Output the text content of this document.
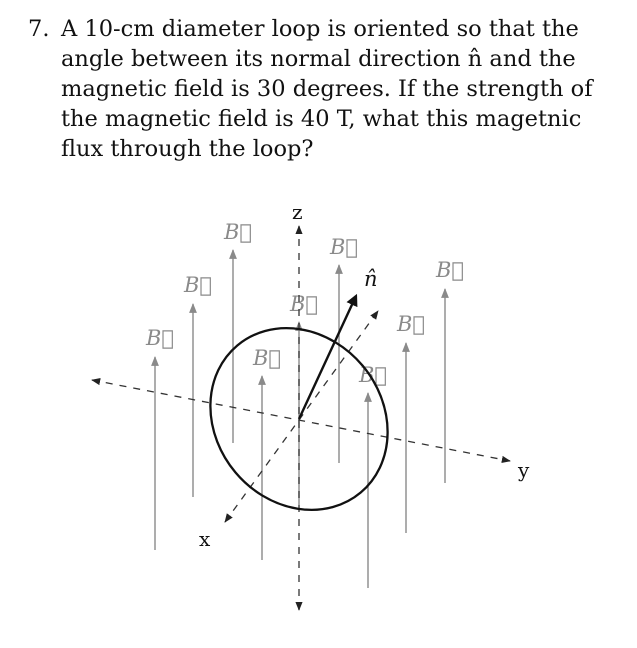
7. A 10-cm diameter loop is oriented so that the
angle between its normal direction n̂ and the
magnetic field is 30 degrees. If the strength of
the magnetic field is 40 T, what this magetnic
flux through the loop?
B⃗
B⃗
B⃗
B⃗
B⃗
B⃗
B⃗
B⃗
B⃗
n̂
z
y
x
